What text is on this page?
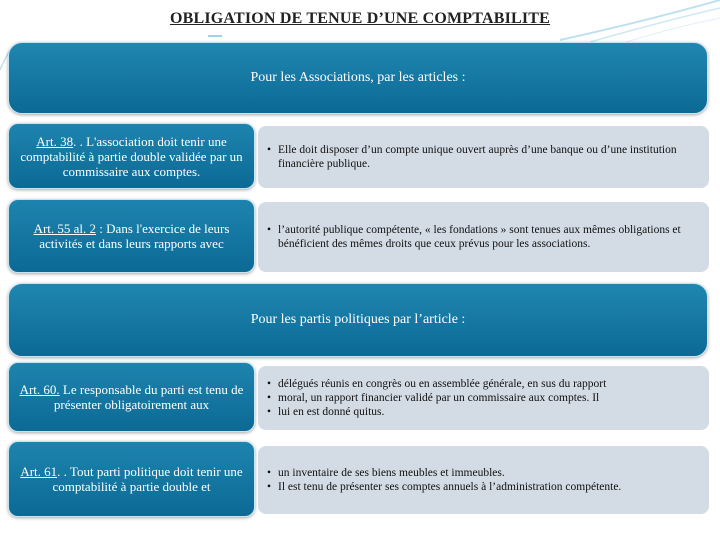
OBLIGATION DE TENUE D’UNE COMPTABILITE
Pour les Associations, par les articles :
Art. 38. . L'association doit tenir une comptabilité à partie double validée par un commissaire aux comptes.
• Elle doit disposer d’un compte unique ouvert auprès d’une banque ou d’une institution financière publique.
Art. 55 al. 2 : Dans l'exercice de leurs activités et dans leurs rapports avec
• l’autorité publique compétente, « les fondations » sont tenues aux mêmes obligations et bénéficient des mêmes droits que ceux prévus pour les associations.
Pour les partis politiques par l’article :
Art. 60. Le responsable du parti est tenu de présenter obligatoirement aux
• délégués réunis en congrès ou en assemblée générale, en sus du rapport
• moral, un rapport financier validé par un commissaire aux comptes. Il
• lui en est donné quitus.
Art. 61. . Tout parti politique doit tenir une comptabilité à partie double et
• un inventaire de ses biens meubles et immeubles.
• Il est tenu de présenter ses comptes annuels à l’administration compétente.
